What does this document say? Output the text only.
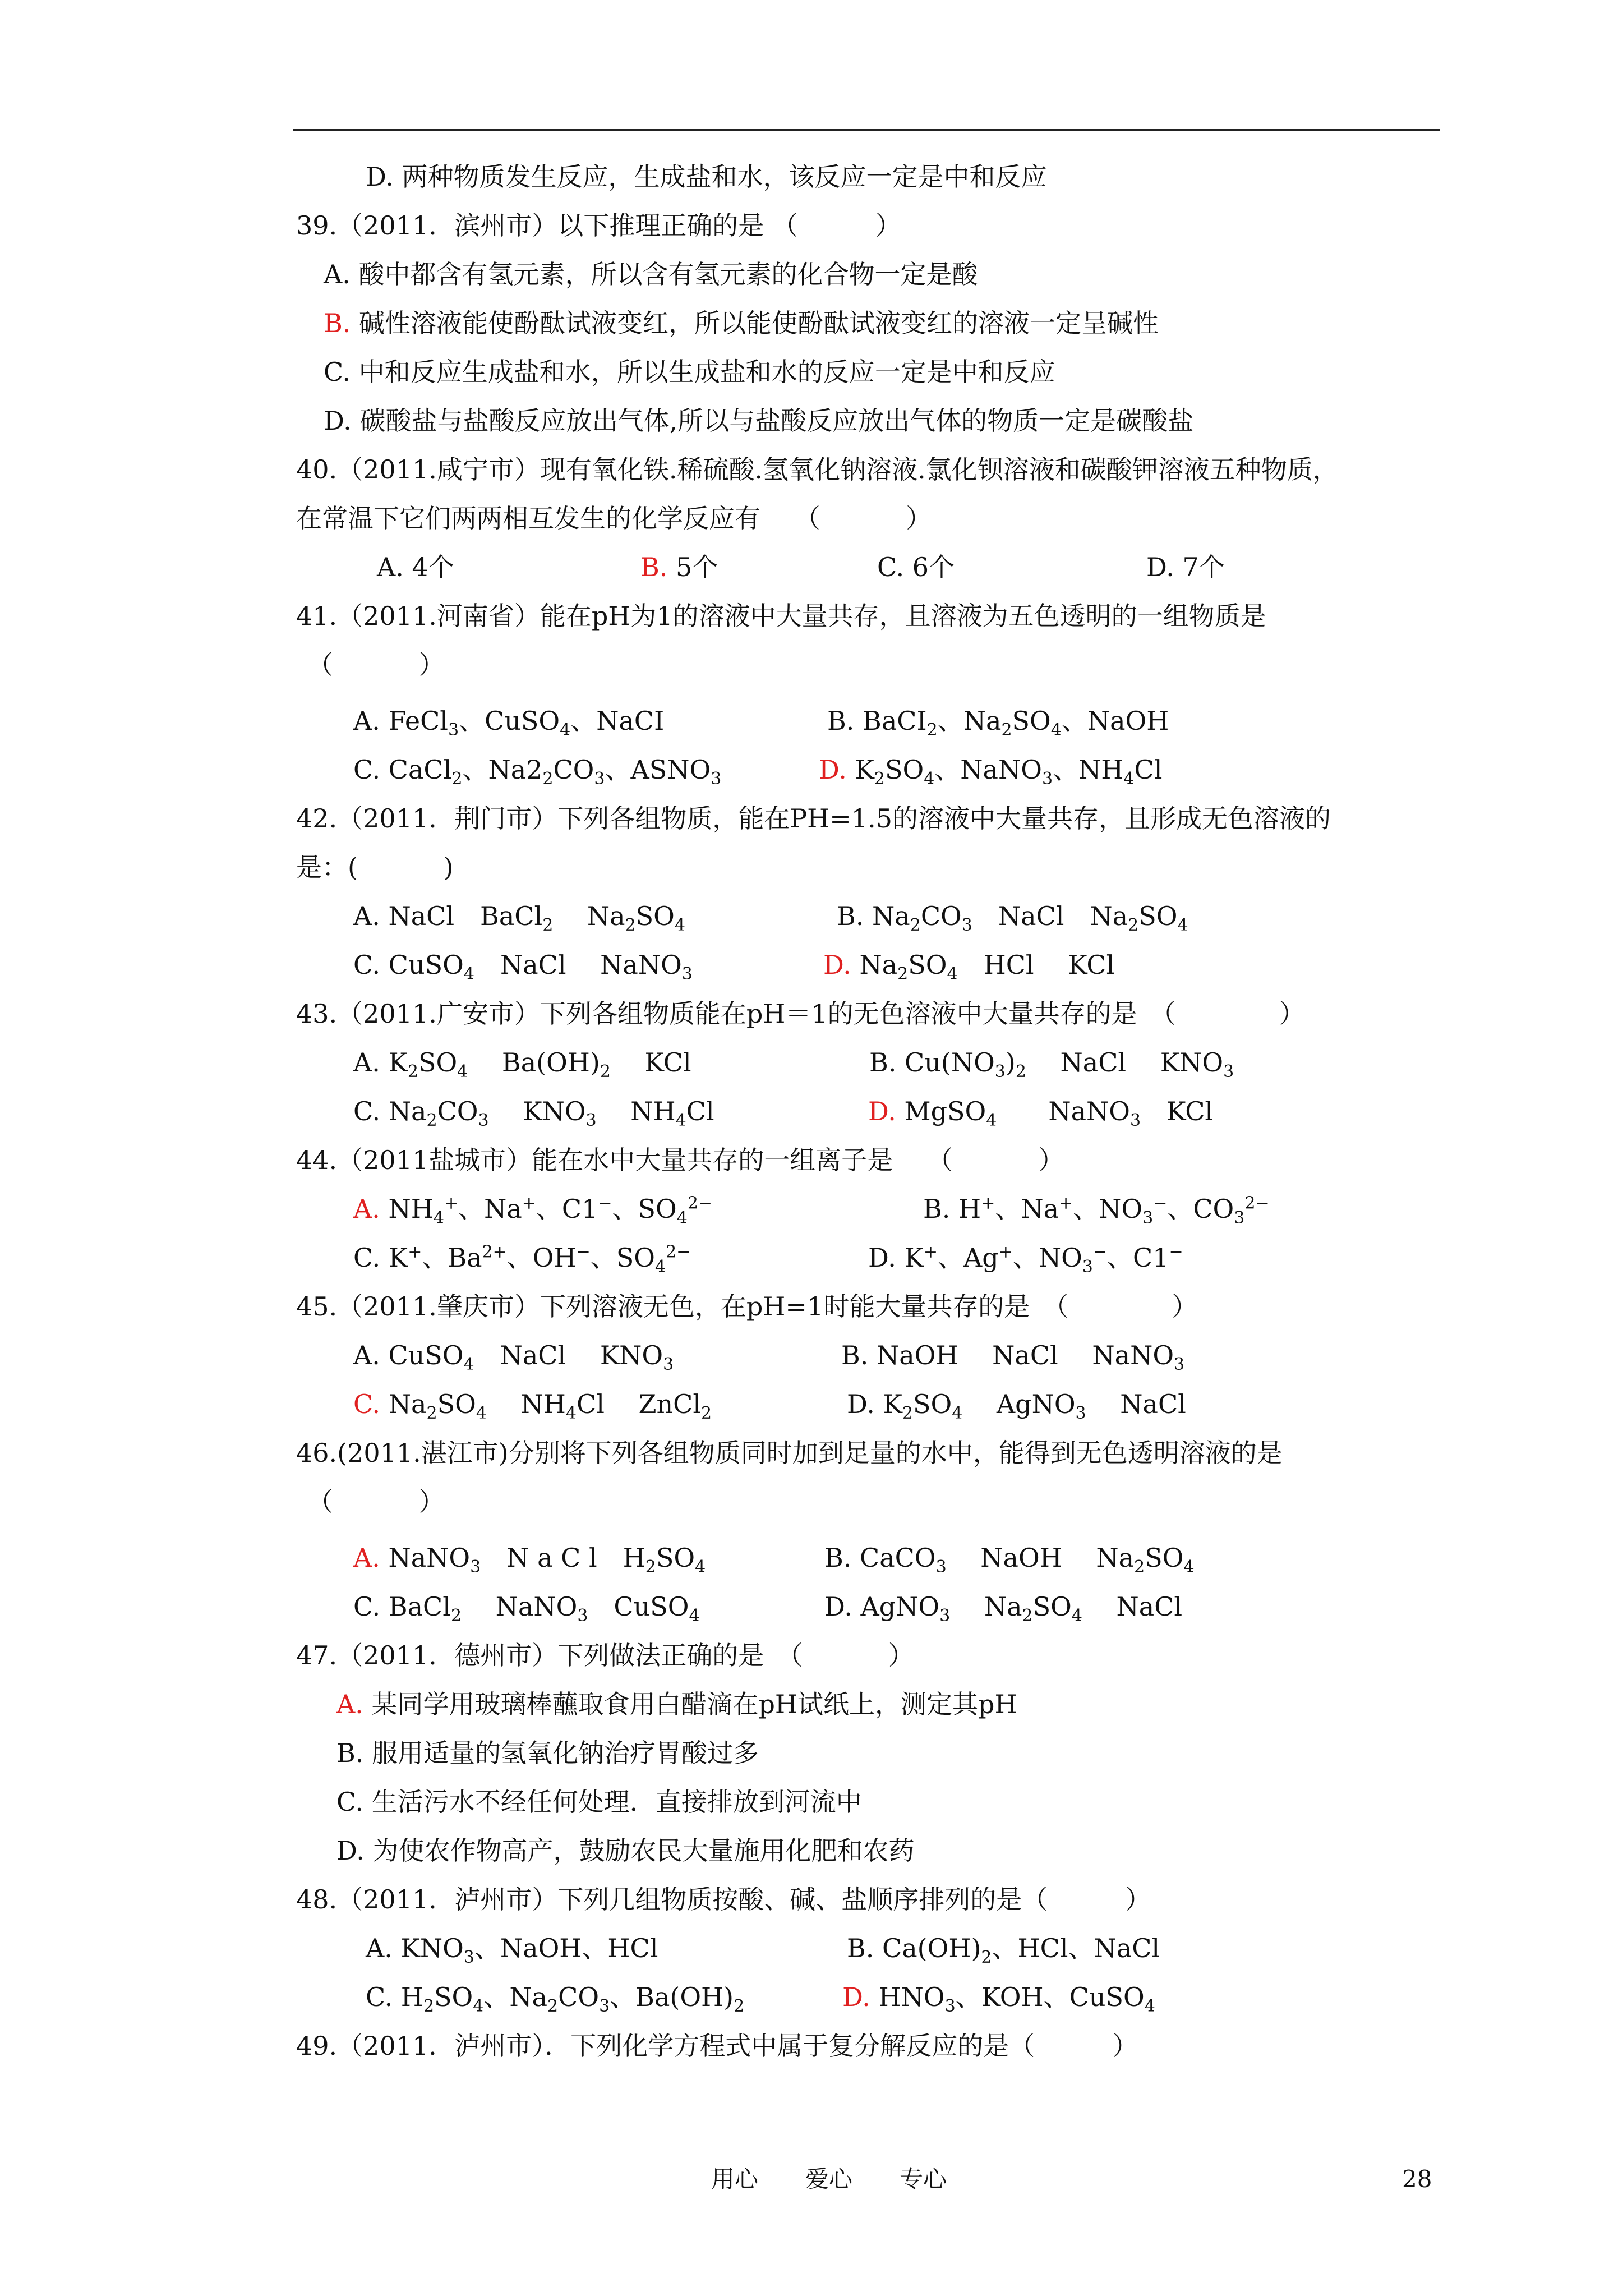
D. 两种物质发生反应，生成盐和水，该反应一定是中和反应
39.（2011．滨州市）以下推理正确的是 （　　　）
A. 酸中都含有氢元素，所以含有氢元素的化合物一定是酸
B. 碱性溶液能使酚酞试液变红，所以能使酚酞试液变红的溶液一定呈碱性
C. 中和反应生成盐和水，所以生成盐和水的反应一定是中和反应
D. 碳酸盐与盐酸反应放出气体,所以与盐酸反应放出气体的物质一定是碳酸盐
40.（2011.咸宁市）现有氧化铁.稀硫酸.氢氧化钠溶液.氯化钡溶液和碳酸钾溶液五种物质，
在常温下它们两两相互发生的化学反应有　 （　　　 ）
A. 4个	B. 5个	C. 6个	D. 7个
41.（2011.河南省）能在pH为1的溶液中大量共存，且溶液为五色透明的一组物质是
（　　　 ）
A. FeCl$_3$、CuSO$_4$、NaCI	B. BaCI$_2$、$Na_2SO_4$、NaOH
C. CaCl$_2$、$Na2_2CO_3$、$ASNO_3$	D. $K_2SO_4$、NaNO$_3$、$NH_4Cl$
42.（2011．荆门市）下列各组物质，能在PH=1.5的溶液中大量共存，且形成无色溶液的
是：(　　　 )
A. NaCl　BaCl$_2$　 $Na_2SO_4$	B. $Na_2CO_3$　NaCl　$Na_2SO_4$
C. CuSO$_4$　NaCl　 NaNO$_3$	D. $Na_2SO_4$　HCl　 KCl
43.（2011.广安市）下列各组物质能在pH＝1的无色溶液中大量共存的是　（　　　　）
A. $K_2SO_4$　 $Ba(OH)_2$　 KCl	B. $Cu(NO_3)_2$　 NaCl　 $KNO_3$
C. $Na_2CO_3$　 $KNO_3$　 $NH_4Cl$	D. MgSO$_4$　　NaNO$_3$　KCl
44.（2011盐城市）能在水中大量共存的一组离子是　 （　　　 ）
A. $NH_4^+$、Na+、C1−、$SO_4^{2-}$	B. H+、Na+、$NO_3^-$、$CO_3^{2-}$
C. K+、$Ba^{2+}$、OH−、$SO_4^{2-}$	D. K+、Ag+、$NO_3^-$、C1−
45.（2011.肇庆市）下列溶液无色，在pH=1时能大量共存的是　（　　　　）
A. CuSO$_4$　NaCl　 $KNO_3$	B. NaOH　 NaCl　 NaNO$_3$
C. $Na_2SO_4$　 $NH_4Cl$　 ZnCl$_2$	D. $K_2SO_4$　 AgNO$_3$　 NaCl
46.(2011.湛江市)分别将下列各组物质同时加到足量的水中，能得到无色透明溶液的是
（　　　 ）
A. NaNO$_3$　N a C l　$H_2SO_4$	B. CaCO$_3$　 NaOH　 $Na_2SO_4$
C. BaCl$_2$　 NaNO$_3$　CuSO$_4$	D. AgNO$_3$　 $Na_2SO_4$　 NaCl
47.（2011．德州市）下列做法正确的是　（　　　 ）
A. 某同学用玻璃棒蘸取食用白醋滴在pH试纸上，测定其pH
B. 服用适量的氢氧化钠治疗胃酸过多
C. 生活污水不经任何处理．直接排放到河流中
D. 为使农作物高产，鼓励农民大量施用化肥和农药
48.（2011．泸州市）下列几组物质按酸、碱、盐顺序排列的是（　　　）
A. $KNO_3$、NaOH、HCl	B. $Ca(OH)_2$、HCl、NaCl
C. $H_2SO_4$、$Na_2CO_3$、$Ba(OH)_2$	D. $HNO_3$、KOH、CuSO$_4$
49.（2011．泸州市）．下列化学方程式中属于复分解反应的是（　　　）
用心　　爱心　　专心	28
